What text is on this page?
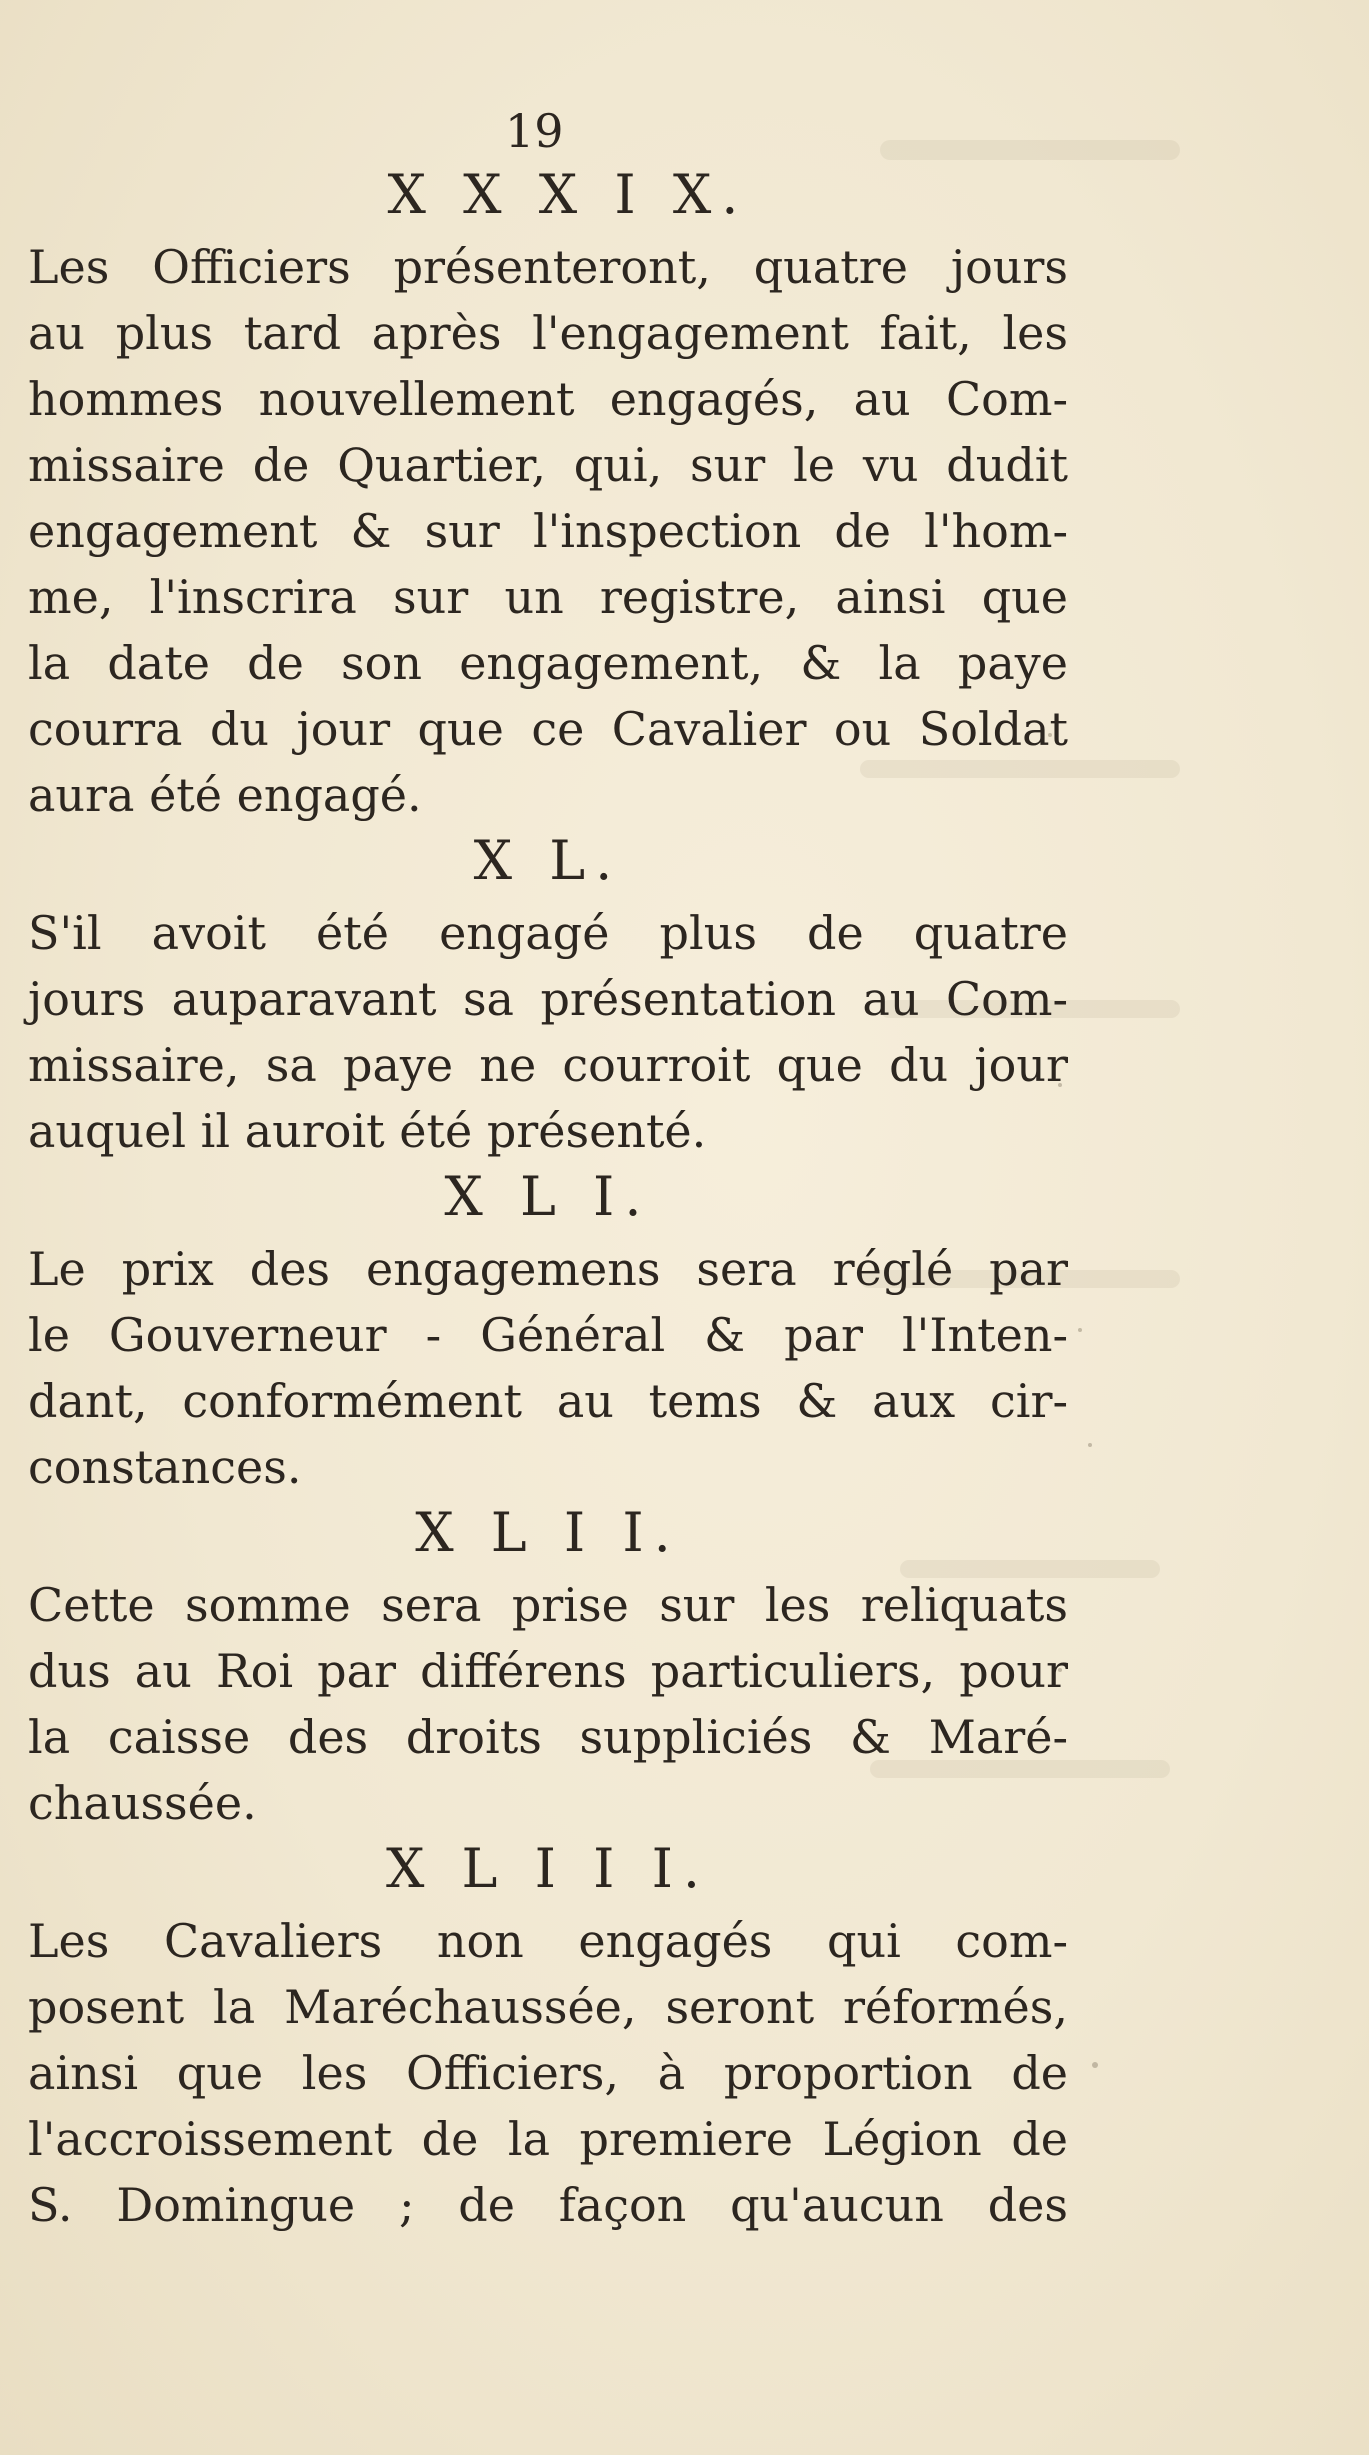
19
X X X I X.

Les Officiers présenteront, quatre jours
au plus tard après l'engagement fait, les
hommes nouvellement engagés, au Com-
missaire de Quartier, qui, sur le vu dudit
engagement & sur l'inspection de l'hom-
me, l'inscrira sur un registre, ainsi que
la date de son engagement, & la paye
courra du jour que ce Cavalier ou Soldat
aura été engagé.

X L.

S'il avoit été engagé plus de quatre
jours auparavant sa présentation au Com-
missaire, sa paye ne courroit que du jour
auquel il auroit été présenté.

X L I.

Le prix des engagemens sera réglé par
le Gouverneur - Général & par l'Inten-
dant, conformément au tems & aux cir-
constances.

X L I I.

Cette somme sera prise sur les reliquats
dus au Roi par différens particuliers, pour
la caisse des droits suppliciés & Maré-
chaussée.

X L I I I.

Les Cavaliers non engagés qui com-
posent la Maréchaussée, seront réformés,
ainsi que les Officiers, à proportion de
l'accroissement de la premiere Légion de
S. Domingue ; de façon qu'aucun des
